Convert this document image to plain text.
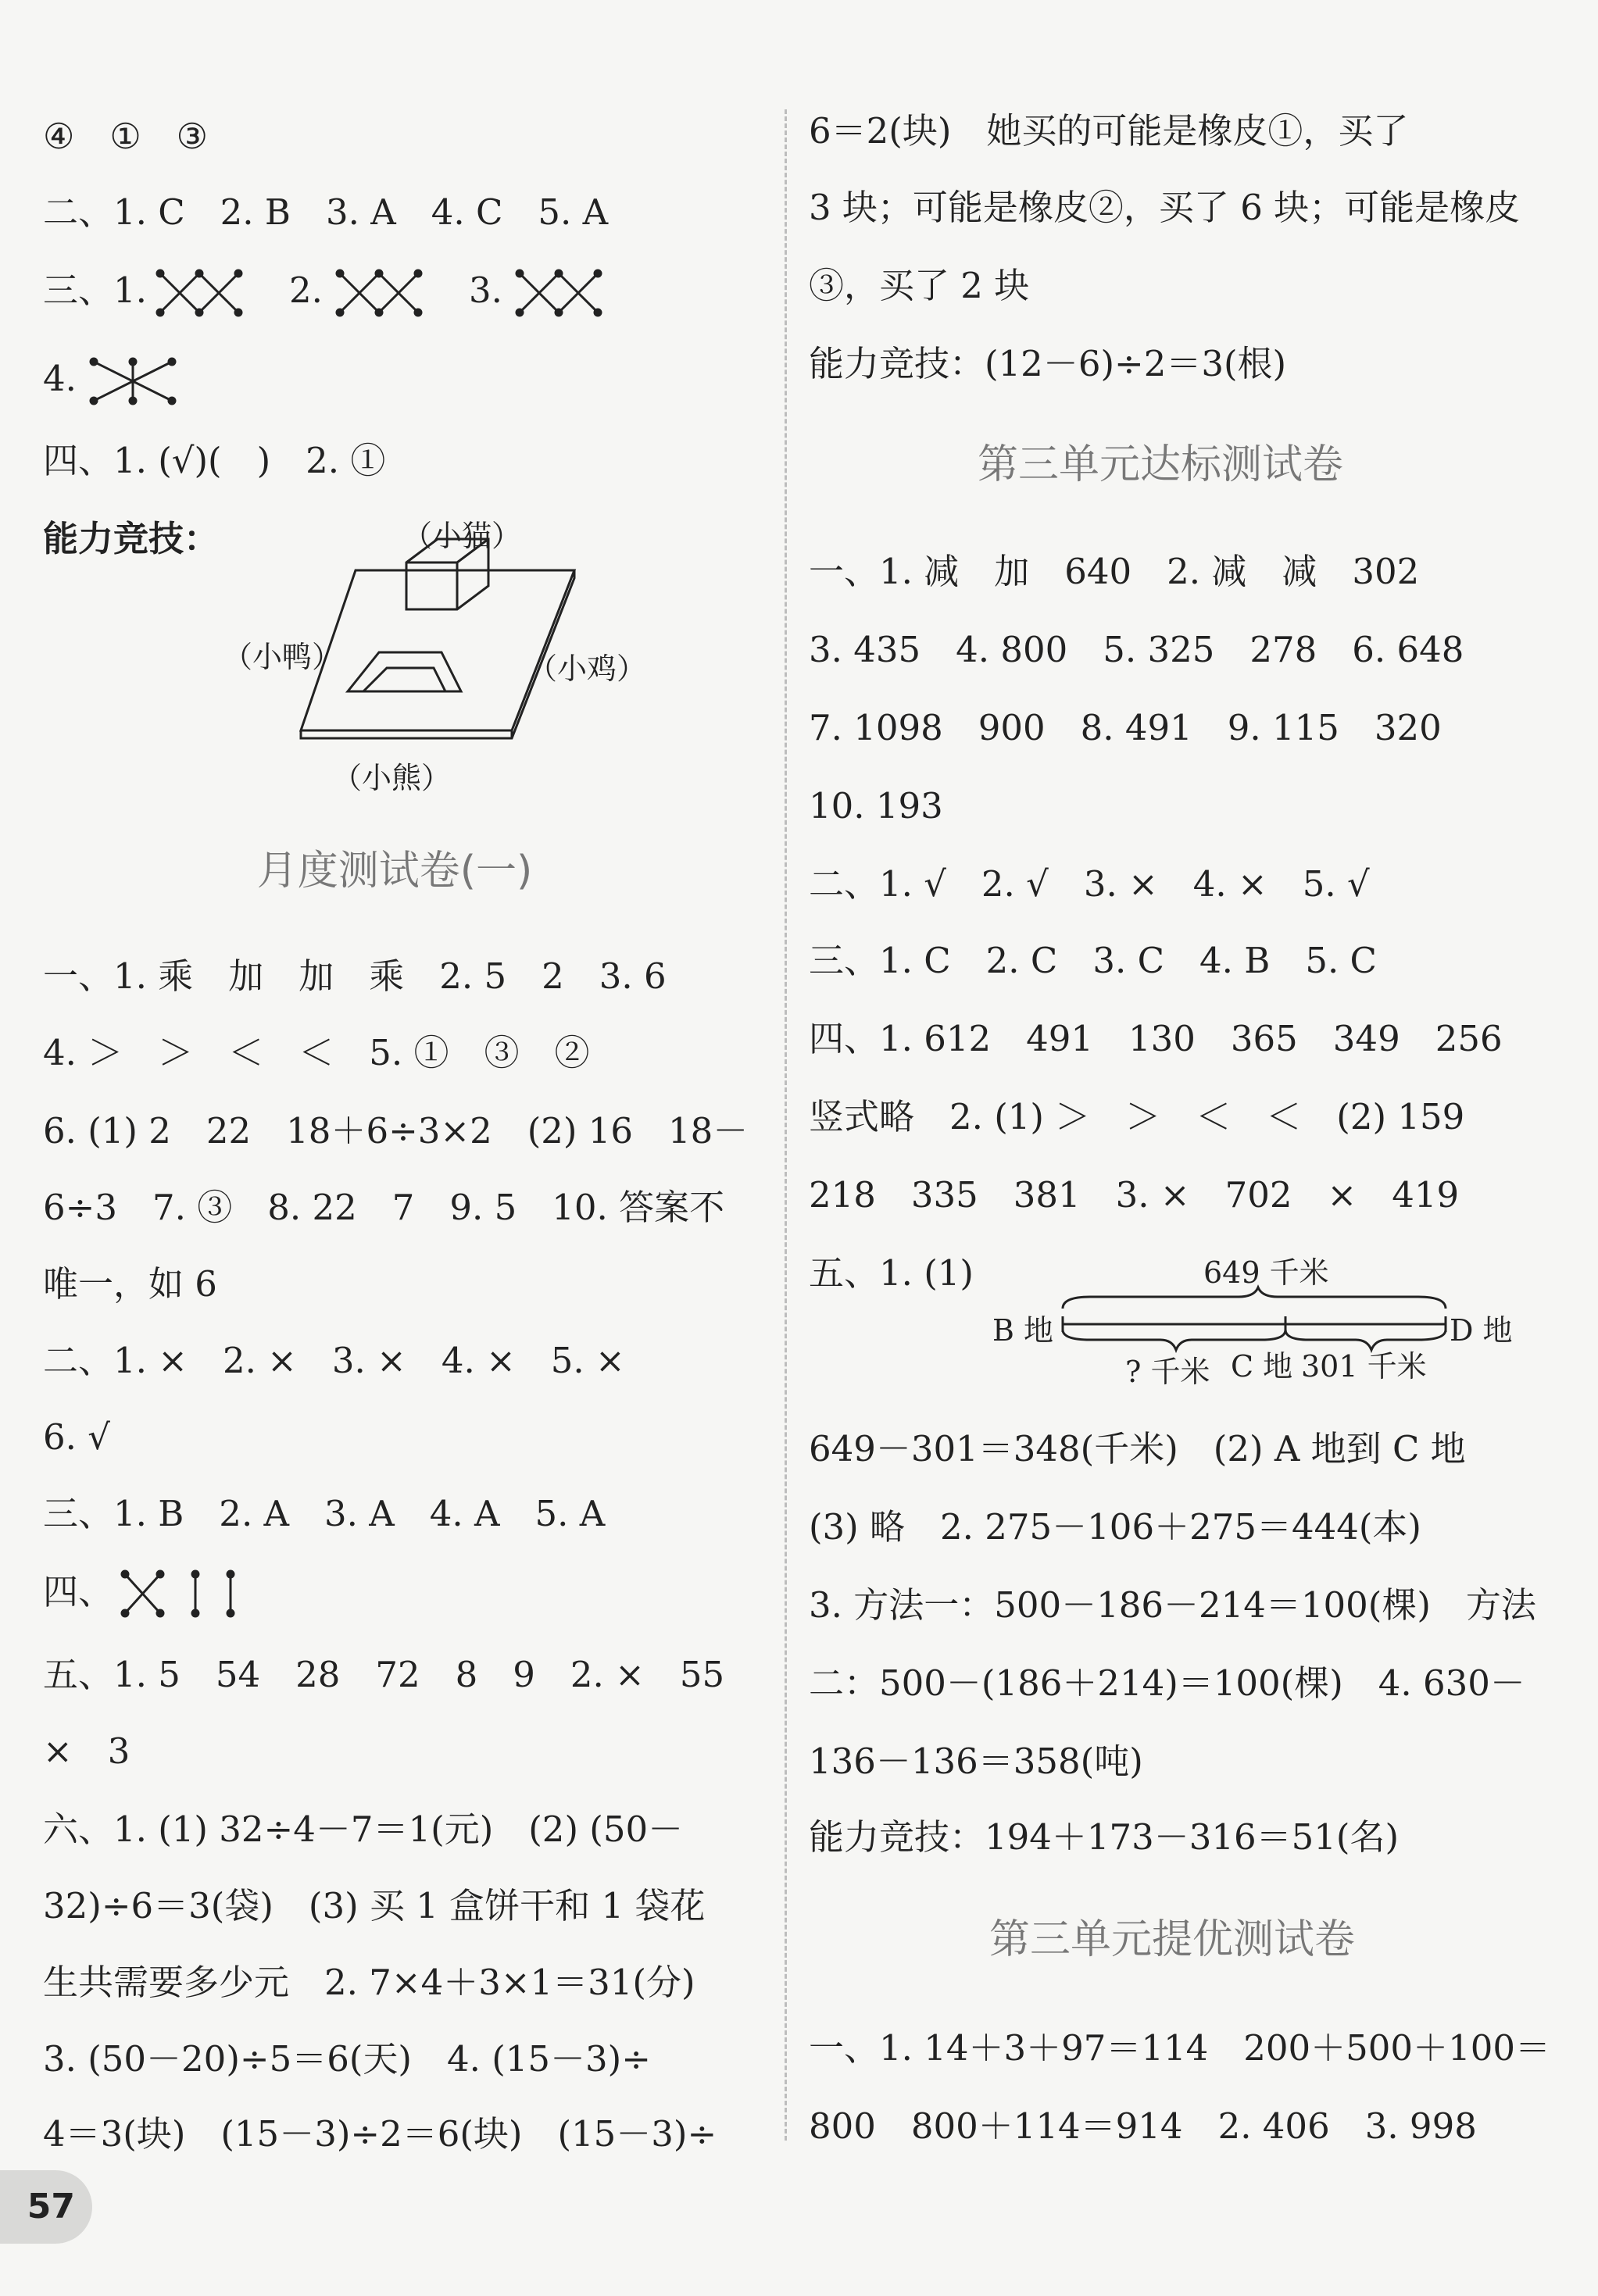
④　①　③
二、1. C　2. B　3. A　4. C　5. A
三、1.	2.	3.
4.
四、1. (√)(　)　2. ①
能力竞技：	（小猫）
（小鸭）	（小鸡）
（小熊）
月度测试卷(一)
一、1. 乘　加　加　乘　2. 5　2　3. 6
4. ＞　＞　＜　＜　5. ①　③　②
6. (1) 2　22　18＋6÷3×2　(2) 16　18－
6÷3　7. ③　8. 22　7　9. 5　10. 答案不
唯一，如 6
二、1. ×　2. ×　3. ×　4. ×　5. ×
6. √
三、1. B　2. A　3. A　4. A　5. A
四、
五、1. 5　54　28　72　8　9　2. ×　55
×　3
六、1. (1) 32÷4－7＝1(元)　(2) (50－
32)÷6＝3(袋)　(3) 买 1 盒饼干和 1 袋花
生共需要多少元　2. 7×4＋3×1＝31(分)
3. (50－20)÷5＝6(天)　4. (15－3)÷
4＝3(块)　(15－3)÷2＝6(块)　(15－3)÷
6＝2(块)　她买的可能是橡皮①，买了
3 块；可能是橡皮②，买了 6 块；可能是橡皮
③，买了 2 块
能力竞技：(12－6)÷2＝3(根)
第三单元达标测试卷
一、1. 减　加　640　2. 减　减　302
3. 435　4. 800　5. 325　278　6. 648
7. 1098　900　8. 491　9. 115　320
10. 193
二、1. √　2. √　3. ×　4. ×　5. √
三、1. C　2. C　3. C　4. B　5. C
四、1. 612　491　130　365　349　256
竖式略　2. (1) ＞　＞　＜　＜　(2) 159
218　335　381　3. ×　702　×　419
五、1. (1)	649 千米
B 地	D 地
? 千米 C 地 301 千米
649－301＝348(千米)　(2) A 地到 C 地
(3) 略　2. 275－106＋275＝444(本)
3. 方法一：500－186－214＝100(棵)　方法
二：500－(186＋214)＝100(棵)　4. 630－
136－136＝358(吨)
能力竞技：194＋173－316＝51(名)
第三单元提优测试卷
一、1. 14＋3＋97＝114　200＋500＋100＝
800　800＋114＝914　2. 406　3. 998
57
